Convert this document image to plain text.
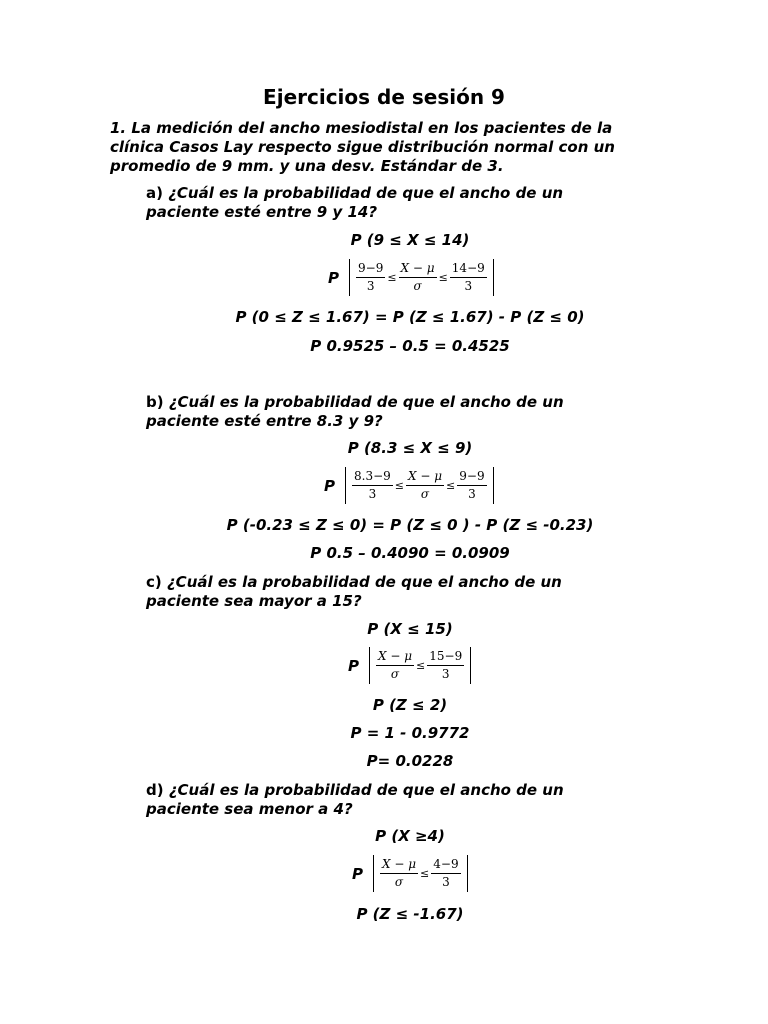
Ejercicios de sesión 9
1. La medición del ancho mesiodistal en los pacientes de la
clínica Casos Lay respecto sigue distribución normal con un
promedio de 9 mm. y una desv. Estándar de 3.
a) ¿Cuál es la probabilidad de que el ancho de un
paciente esté entre 9 y 14?
P (9 ≤ X ≤ 14)
P $\frac{9-9}{3} \le \frac{X - \mu}{\sigma} \le \frac{14-9}{3}$
P (0 ≤ Z ≤ 1.67) = P (Z ≤ 1.67) - P (Z ≤ 0)
P 0.9525 – 0.5 = 0.4525
b) ¿Cuál es la probabilidad de que el ancho de un
paciente esté entre 8.3 y 9?
P (8.3 ≤ X ≤ 9)
P $\frac{8.3-9}{3} \le \frac{X - \mu}{\sigma} \le \frac{9-9}{3}$
P (-0.23 ≤ Z ≤ 0) = P (Z ≤ 0 ) - P (Z ≤ -0.23)
P 0.5 – 0.4090 = 0.0909
c) ¿Cuál es la probabilidad de que el ancho de un
paciente sea mayor a 15?
P (X ≤ 15)
P $\frac{X - \mu}{\sigma} \le \frac{15-9}{3}$
P (Z ≤ 2)
P = 1 - 0.9772
P= 0.0228
d) ¿Cuál es la probabilidad de que el ancho de un
paciente sea menor a 4?
P (X ≥4)
P $\frac{X - \mu}{\sigma} \le \frac{4-9}{3}$
P (Z ≤ -1.67)
